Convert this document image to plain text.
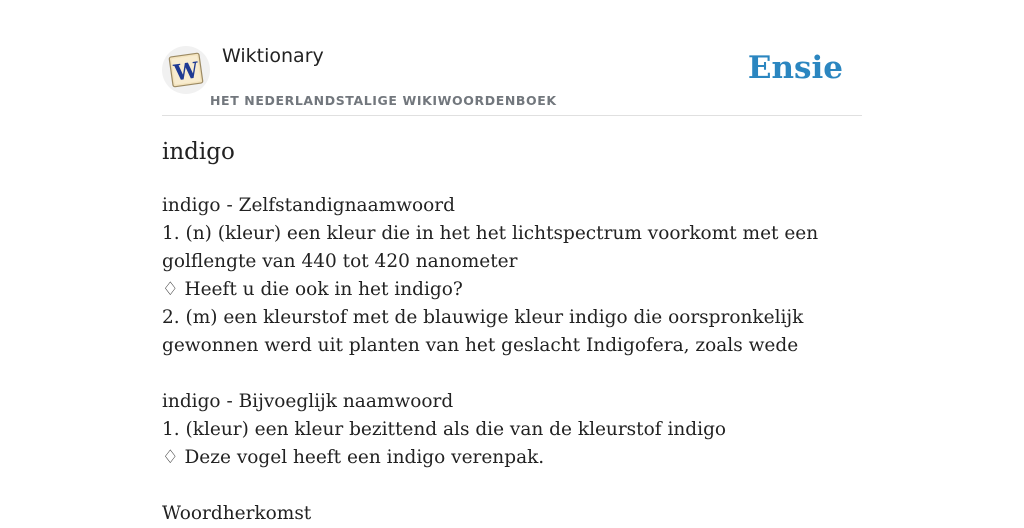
W
Wiktionary
HET NEDERLANDSTALIGE WIKIWOORDENBOEK
Ensie
indigo
indigo - Zelfstandignaamwoord
1. (n) (kleur) een kleur die in het het lichtspectrum voorkomt met een golflengte van 440 tot 420 nanometer
♢ Heeft u die ook in het indigo?
2. (m) een kleurstof met de blauwige kleur indigo die oorspronkelijk gewonnen werd uit planten van het geslacht Indigofera, zoals wede
indigo - Bijvoeglijk naamwoord
1. (kleur) een kleur bezittend als die van de kleurstof indigo
♢ Deze vogel heeft een indigo verenpak.
Woordherkomst
